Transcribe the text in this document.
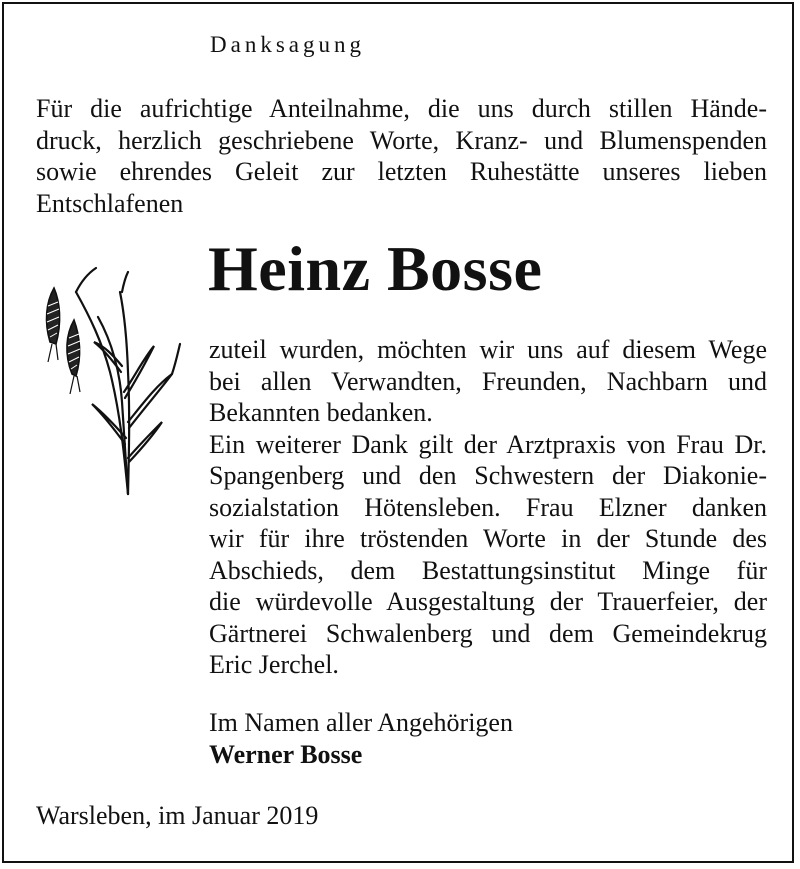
Danksagung
Für die aufrichtige Anteilnahme, die uns durch stillen Hände-
druck, herzlich geschriebene Worte, Kranz- und Blumenspenden
sowie ehrendes Geleit zur letzten Ruhestätte unseres lieben
Entschlafenen
Heinz Bosse
zuteil wurden, möchten wir uns auf diesem Wege
bei allen Verwandten, Freunden, Nachbarn und
Bekannten bedanken.
Ein weiterer Dank gilt der Arztpraxis von Frau Dr.
Spangenberg und den Schwestern der Diakonie-
sozialstation Hötensleben. Frau Elzner danken
wir für ihre tröstenden Worte in der Stunde des
Abschieds, dem Bestattungsinstitut Minge für
die würdevolle Ausgestaltung der Trauerfeier, der
Gärtnerei Schwalenberg und dem Gemeindekrug
Eric Jerchel.
Im Namen aller Angehörigen
Werner Bosse
Warsleben, im Januar 2019
